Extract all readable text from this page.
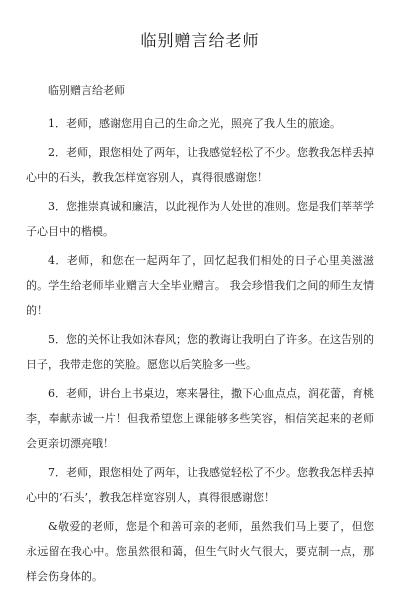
临别赠言给老师
临别赠言给老师

1．老师，感谢您用自己的生命之光，照亮了我人生的旅途。

2．老师，跟您相处了两年，让我感觉轻松了不少。您教我怎样丢掉心中的石头，教我怎样宽容别人，真得很感谢您！

3．您推崇真诚和廉洁，以此视作为人处世的准则。您是我们莘莘学子心目中的楷模。

4．老师，和您在一起两年了，回忆起我们相处的日子心里美滋滋的。学生给老师毕业赠言大全毕业赠言。 我会珍惜我们之间的师生友情的！

5．您的关怀让我如沐春风；您的教诲让我明白了许多。在这告别的日子，我带走您的笑脸。愿您以后笑脸多一些。

6．老师，讲台上书桌边，寒来暑往，撒下心血点点，润花蕾，育桃李，奉献赤诚一片！但我希望您上课能够多些笑容，相信笑起来的老师会更亲切漂亮哦！

7．老师，跟您相处了两年，让我感觉轻松了不少。您教我怎样丢掉心中的‘石头’，教我怎样宽容别人，真得很感谢您！

&敬爱的老师，您是个和善可亲的老师，虽然我们马上要了，但您永远留在我心中。您虽然很和蔼，但生气时火气很大，要克制一点，那样会伤身体的。
